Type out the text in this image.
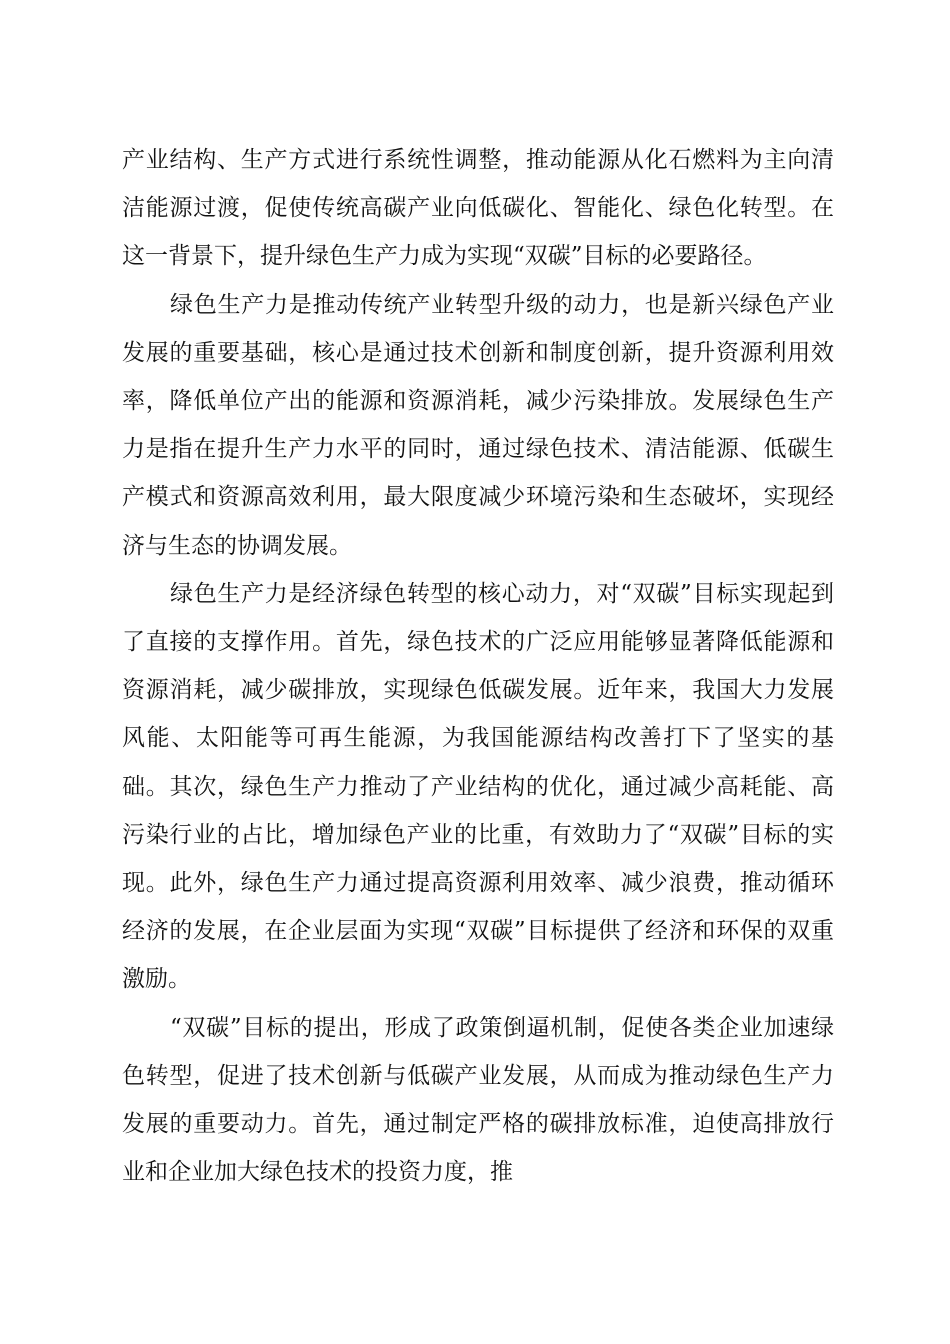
产业结构、生产方式进行系统性调整，推动能源从化石燃料为主向清洁能源过渡，促使传统高碳产业向低碳化、智能化、绿色化转型。在这一背景下，提升绿色生产力成为实现“双碳”目标的必要路径。

绿色生产力是推动传统产业转型升级的动力，也是新兴绿色产业发展的重要基础，核心是通过技术创新和制度创新，提升资源利用效率，降低单位产出的能源和资源消耗，减少污染排放。发展绿色生产力是指在提升生产力水平的同时，通过绿色技术、清洁能源、低碳生产模式和资源高效利用，最大限度减少环境污染和生态破坏，实现经济与生态的协调发展。

绿色生产力是经济绿色转型的核心动力，对“双碳”目标实现起到了直接的支撑作用。首先，绿色技术的广泛应用能够显著降低能源和资源消耗，减少碳排放，实现绿色低碳发展。近年来，我国大力发展风能、太阳能等可再生能源，为我国能源结构改善打下了坚实的基础。其次，绿色生产力推动了产业结构的优化，通过减少高耗能、高污染行业的占比，增加绿色产业的比重，有效助力了“双碳”目标的实现。此外，绿色生产力通过提高资源利用效率、减少浪费，推动循环经济的发展，在企业层面为实现“双碳”目标提供了经济和环保的双重激励。

“双碳”目标的提出，形成了政策倒逼机制，促使各类企业加速绿色转型，促进了技术创新与低碳产业发展，从而成为推动绿色生产力发展的重要动力。首先，通过制定严格的碳排放标准，迫使高排放行业和企业加大绿色技术的投资力度，推
